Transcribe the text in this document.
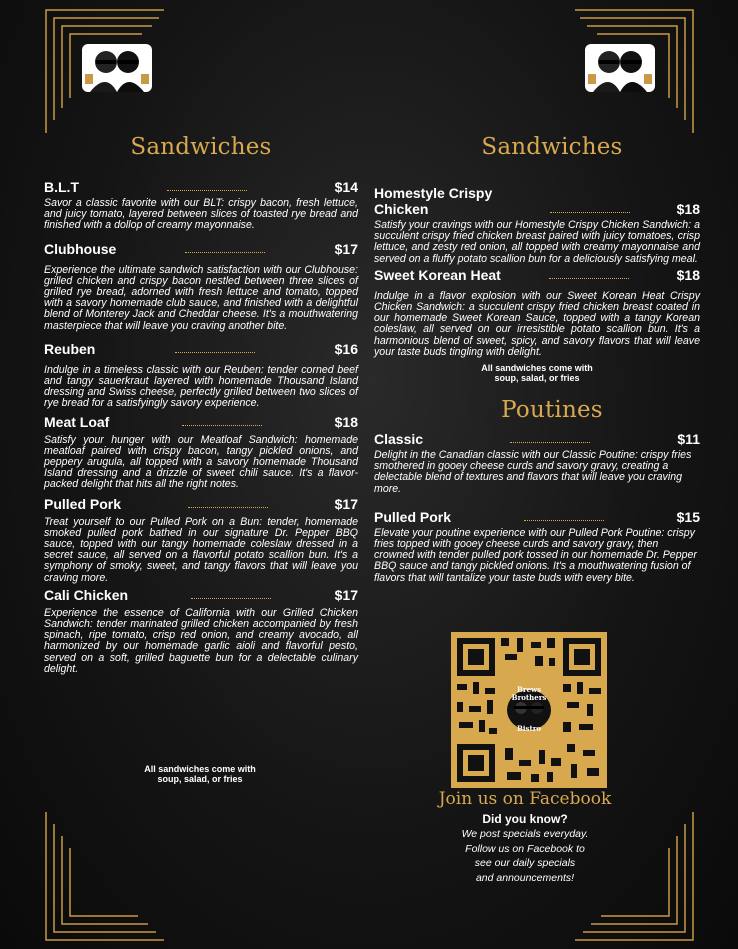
Sandwiches
B.L.T	$14
Savor a classic favorite with our BLT: crispy bacon, fresh lettuce, and juicy tomato, layered between slices of toasted rye bread and finished with a dollop of creamy mayonnaise.
Clubhouse	$17
Experience the ultimate sandwich satisfaction with our Clubhouse: grilled chicken and crispy bacon nestled between three slices of grilled rye bread, adorned with fresh lettuce and tomato, topped with a savory homemade club sauce, and finished with a delightful blend of Monterey Jack and Cheddar cheese. It's a mouthwatering masterpiece that will leave you craving another bite.
Reuben	$16
Indulge in a timeless classic with our Reuben: tender corned beef and tangy sauerkraut layered with homemade Thousand Island dressing and Swiss cheese, perfectly grilled between two slices of rye bread for a satisfyingly savory experience.
Meat Loaf	$18
Satisfy your hunger with our Meatloaf Sandwich: homemade meatloaf paired with crispy bacon, tangy pickled onions, and peppery arugula, all topped with a savory homemade Thousand Island dressing and a drizzle of sweet chili sauce. It's a flavor-packed delight that hits all the right notes.
Pulled Pork	$17
Treat yourself to our Pulled Pork on a Bun: tender, homemade smoked pulled pork bathed in our signature Dr. Pepper BBQ sauce, topped with our tangy homemade coleslaw dressed in a secret sauce, all served on a flavorful potato scallion bun. It's a symphony of smoky, sweet, and tangy flavors that will leave you craving more.
Cali Chicken	$17
Experience the essence of California with our Grilled Chicken Sandwich: tender marinated grilled chicken accompanied by fresh spinach, ripe tomato, crisp red onion, and creamy avocado, all harmonized by our homemade garlic aioli and flavorful pesto, served on a soft, grilled baguette bun for a delectable culinary delight.
All sandwiches come with
soup, salad, or fries
Sandwiches
Homestyle Crispy
Chicken	$18
Satisfy your cravings with our Homestyle Crispy Chicken Sandwich: a succulent crispy fried chicken breast paired with juicy tomatoes, crisp lettuce, and zesty red onion, all topped with creamy mayonnaise and served on a fluffy potato scallion bun for a deliciously satisfying meal.
Sweet Korean Heat	$18
Indulge in a flavor explosion with our Sweet Korean Heat Crispy Chicken Sandwich: a succulent crispy fried chicken breast coated in our homemade Sweet Korean Sauce, topped with a tangy Korean coleslaw, all served on our irresistible potato scallion bun. It's a harmonious blend of sweet, spicy, and savory flavors that will leave your taste buds tingling with delight.
All sandwiches come with
soup, salad, or fries
Poutines
Classic	$11
Delight in the Canadian classic with our Classic Poutine: crispy fries smothered in gooey cheese curds and savory gravy, creating a delectable blend of textures and flavors that will leave you craving more.
Pulled Pork	$15
Elevate your poutine experience with our Pulled Pork Poutine: crispy fries topped with gooey cheese curds and savory gravy, then crowned with tender pulled pork tossed in our homemade Dr. Pepper BBQ sauce and tangy pickled onions. It's a mouthwatering fusion of flavors that will tantalize your taste buds with every bite.
Brews
Brothers
Bistro
Join us on Facebook
Did you know?
We post specials everyday.
Follow us on Facebook to
see our daily specials
and announcements!
